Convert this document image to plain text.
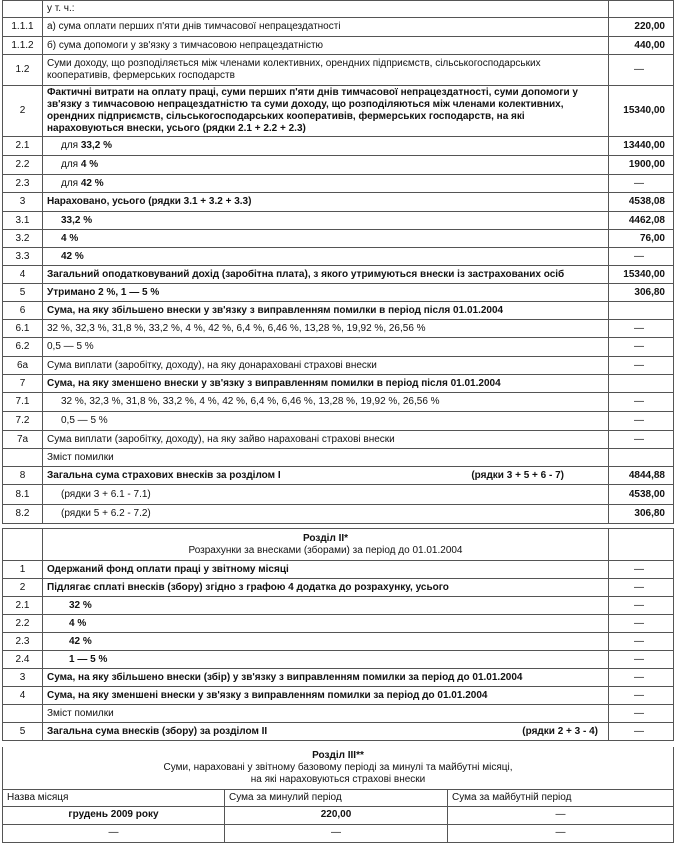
	у т. ч.:	
1.1.1	а) сума оплати перших п'яти днів тимчасової непрацездатності	220,00
1.1.2	б) сума допомоги у зв'язку з тимчасовою непрацездатністю	440,00
1.2	Суми доходу, що розподіляється між членами колективних, орендних підприємств, сільськогосподарських кооперативів, фермерських господарств	—
2	Фактичні витрати на оплату праці, суми перших п'яти днів тимчасової непрацездатності, суми допомоги у зв'язку з тимчасовою непрацездатністю та суми доходу, що розподіляються між членами колективних, орендних підприємств, сільськогосподарських кооперативів, фермерських господарств, на які нараховуються внески, усього (рядки 2.1 + 2.2 + 2.3)	15340,00
2.1	для 33,2 %	13440,00
2.2	для 4 %	1900,00
2.3	для 42 %	—
3	Нараховано, усього (рядки 3.1 + 3.2 + 3.3)	4538,08
3.1	33,2 %	4462,08
3.2	4 %	76,00
3.3	42 %	—
4	Загальний оподатковуваний дохід (заробітна плата), з якого утримуються внески із застрахованих осіб	15340,00
5	Утримано 2 %, 1 — 5 %	306,80
6	Сума, на яку збільшено внески у зв'язку з виправленням помилки в період після 01.01.2004	
6.1	32 %, 32,3 %, 31,8 %, 33,2 %, 4 %, 42 %, 6,4 %, 6,46 %, 13,28 %, 19,92 %, 26,56 %	—
6.2	0,5 — 5 %	—
6а	Сума виплати (заробітку, доходу), на яку донараховані страхові внески	—
7	Сума, на яку зменшено внески у зв'язку з виправленням помилки в період після 01.01.2004	
7.1	32 %, 32,3 %, 31,8 %, 33,2 %, 4 %, 42 %, 6,4 %, 6,46 %, 13,28 %, 19,92 %, 26,56 %	—
7.2	0,5 — 5 %	—
7а	Сума виплати (заробітку, доходу), на яку зайво нараховані страхові внески	—
	Зміст помилки	
8	Загальна сума страхових внесків за розділом І (рядки 3 + 5 + 6 - 7)	4844,88
8.1	(рядки 3 + 6.1 - 7.1)	4538,00
8.2	(рядки 5 + 6.2 - 7.2)	306,80

	Розділ II*
Розрахунки за внесками (зборами) за період до 01.01.2004	

1	Одержаний фонд оплати праці у звітному місяці	—
2	Підлягає сплаті внесків (збору) згідно з графою 4 додатка до розрахунку, усього	—
2.1	32 %	—
2.2	4 %	—
2.3	42 %	—
2.4	1 — 5 %	—
3	Сума, на яку збільшено внески (збір) у зв'язку з виправленням помилки за період до 01.01.2004	—
4	Сума, на яку зменшені внески у зв'язку з виправленням помилки за період до 01.01.2004	—
	Зміст помилки	—
5	Загальна сума внесків (збору) за розділом II (рядки 2 + 3 - 4)	—
Розділ III**
Суми, нараховані у звітному базовому періоді за минулі та майбутні місяці,
на які нараховуються страхові внески		

Назва місяця	Сума за минулий період	Сума за майбутній період
грудень 2009 року	220,00	—
—	—	—
